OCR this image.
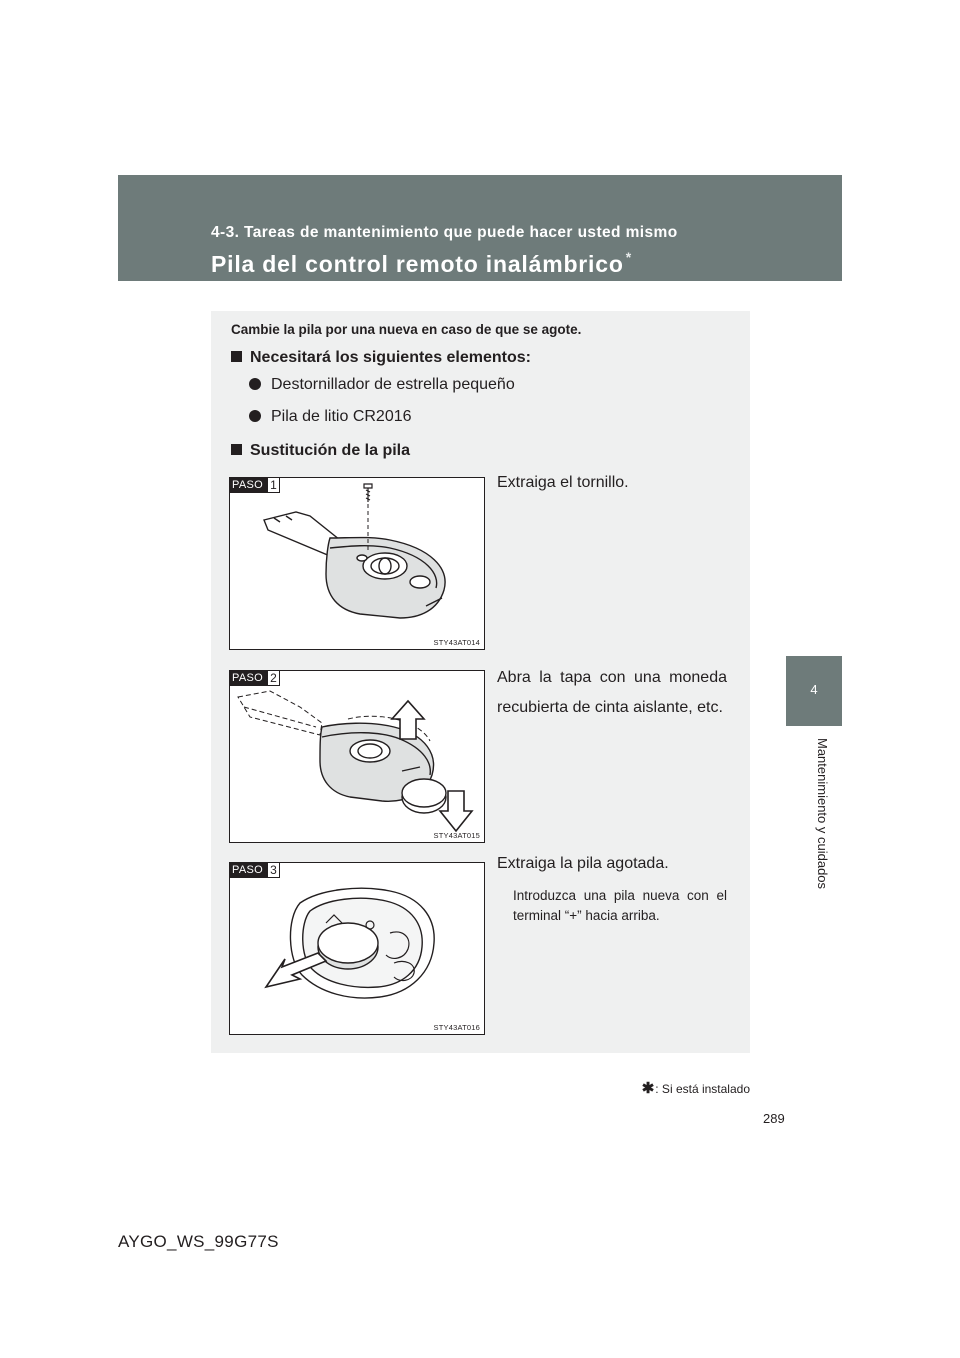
4-3. Tareas de mantenimiento que puede hacer usted mismo
Pila del control remoto inalámbrico *
4
Mantenimiento y cuidados
Cambie la pila por una nueva en caso de que se agote.
Necesitará los siguientes elementos:
Destornillador de estrella pequeño
Pila de litio CR2016
Sustitución de la pila
PASO 1
STY43AT014
Extraiga el tornillo.
PASO 2
STY43AT015
Abra la tapa con una moneda recubierta de cinta aislante, etc.
PASO 3
STY43AT016
Extraiga la pila agotada.
Introduzca una pila nueva con el terminal “+” hacia arriba.
✱: Si está instalado
289
AYGO_WS_99G77S
